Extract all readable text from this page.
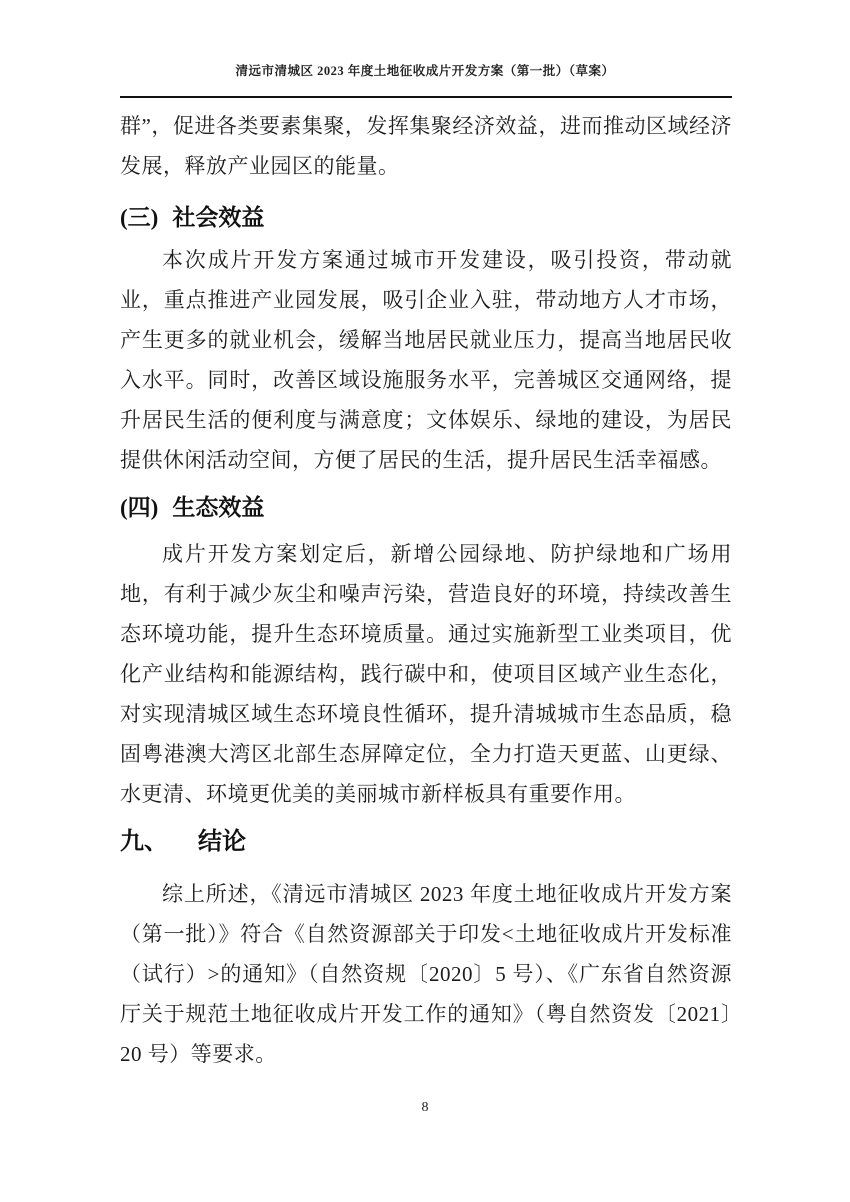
清远市清城区 2023 年度土地征收成片开发方案（第一批）（草案）

群”，促进各类要素集聚，发挥集聚经济效益，进而推动区域经济发展，释放产业园区的能量。

(三) 社会效益

本次成片开发方案通过城市开发建设，吸引投资，带动就业，重点推进产业园发展，吸引企业入驻，带动地方人才市场，产生更多的就业机会，缓解当地居民就业压力，提高当地居民收入水平。同时，改善区域设施服务水平，完善城区交通网络，提升居民生活的便利度与满意度；文体娱乐、绿地的建设，为居民提供休闲活动空间，方便了居民的生活，提升居民生活幸福感。

(四) 生态效益

成片开发方案划定后，新增公园绿地、防护绿地和广场用地，有利于减少灰尘和噪声污染，营造良好的环境，持续改善生态环境功能，提升生态环境质量。通过实施新型工业类项目，优化产业结构和能源结构，践行碳中和，使项目区域产业生态化，对实现清城区域生态环境良性循环，提升清城城市生态品质，稳固粤港澳大湾区北部生态屏障定位，全力打造天更蓝、山更绿、水更清、环境更优美的美丽城市新样板具有重要作用。

九、 结论

综上所述，《清远市清城区 2023 年度土地征收成片开发方案（第一批）》符合《自然资源部关于印发<土地征收成片开发标准（试行）>的通知》（自然资规〔2020〕5 号）、《广东省自然资源厅关于规范土地征收成片开发工作的通知》（粤自然资发〔2021〕20 号）等要求。

8
